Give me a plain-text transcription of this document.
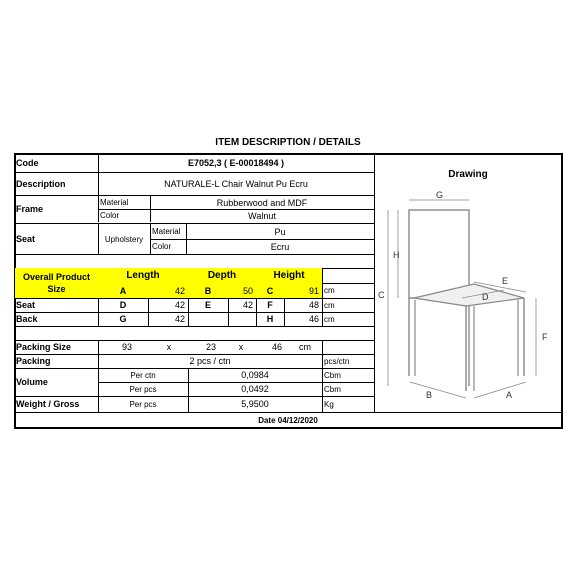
ITEM DESCRIPTION / DETAILS
Code	E7052,3 ( E-00018494 )
Description	NATURALE-L Chair Walnut Pu Ecru
Frame
Material	Rubberwood and MDF
Color	Walnut
Seat	Upholstery
Material	Pu
Color	Ecru
Overall Product Size
Length	Depth	Height
A	42	B	50	C	91 cm
Seat	D	42	E	42	F	48 cm
Back	G	42	H	46 cm
Packing Size	93	x	23	x	46	cm
Packing	2 pcs / ctn	pcs/ctn
Volume
Per ctn	0,0984	Cbm
Per pcs	0,0492	Cbm
Weight / Gross	Per pcs	5,9500	Kg
Date 04/12/2020
Drawing
G
H
C
E
D
F
B	A
